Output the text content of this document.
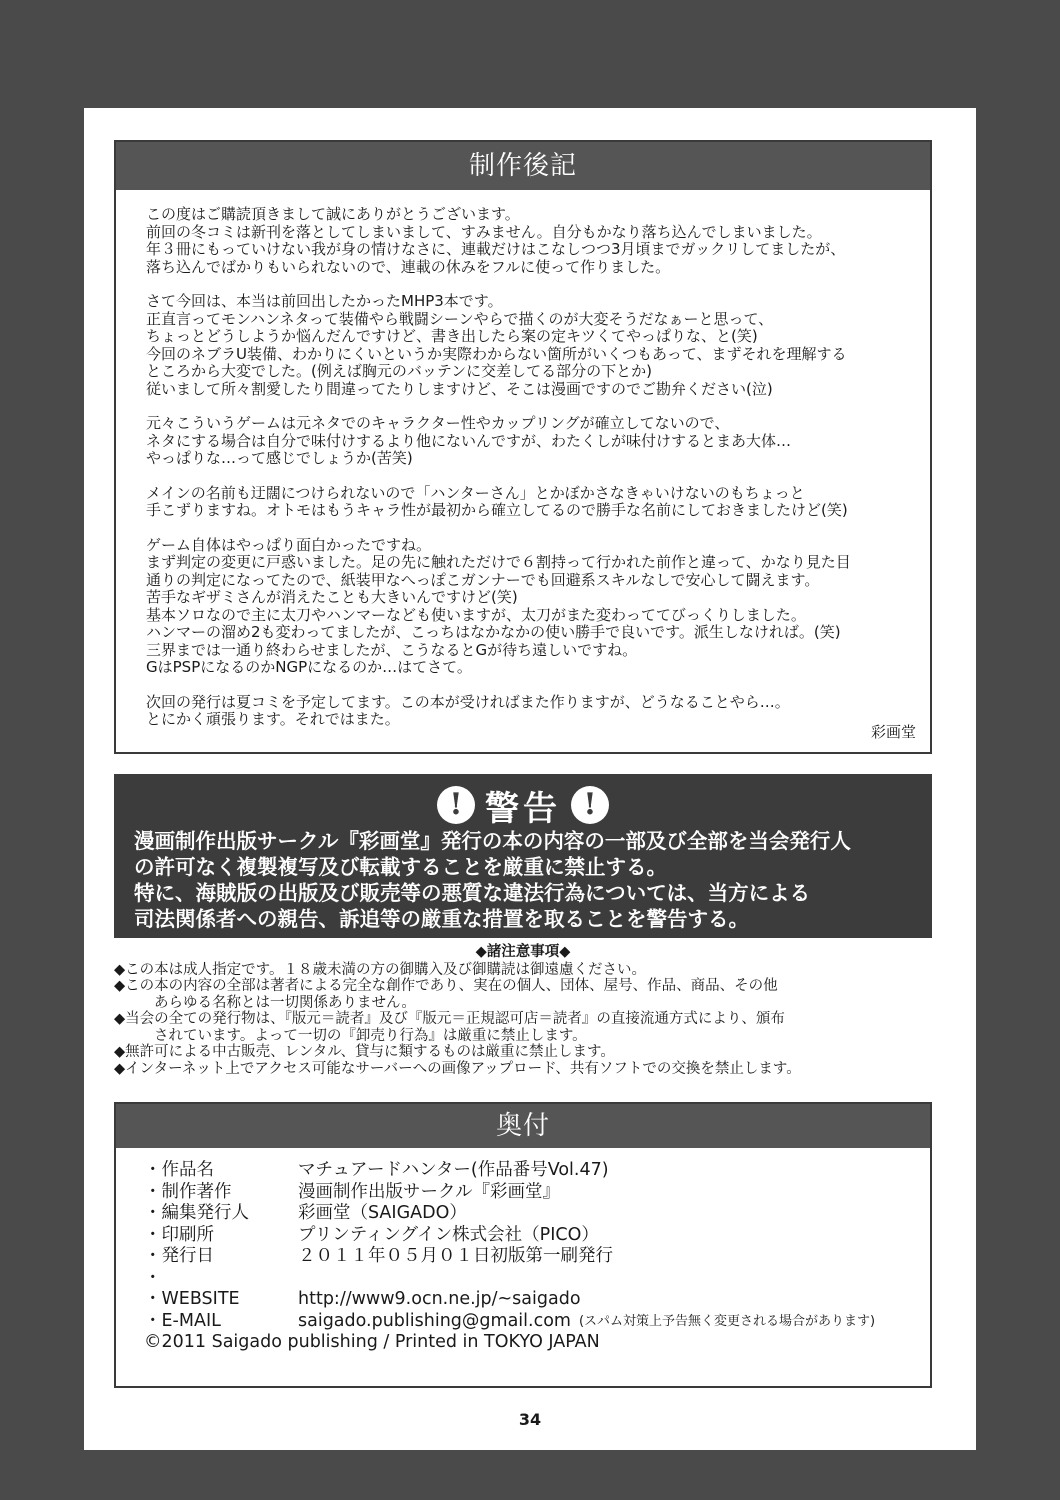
制作後記

この度はご購読頂きまして誠にありがとうございます。
前回の冬コミは新刊を落としてしまいまして、すみません。自分もかなり落ち込んでしまいました。
年３冊にもっていけない我が身の情けなさに、連載だけはこなしつつ3月頃までガックリしてましたが、
落ち込んでばかりもいられないので、連載の休みをフルに使って作りました。

さて今回は、本当は前回出したかったMHP3本です。
正直言ってモンハンネタって装備やら戦闘シーンやらで描くのが大変そうだなぁーと思って、
ちょっとどうしようか悩んだんですけど、書き出したら案の定キツくてやっぱりな、と(笑)
今回のネブラU装備、わかりにくいというか実際わからない箇所がいくつもあって、まずそれを理解する
ところから大変でした。(例えば胸元のバッテンに交差してる部分の下とか)
従いまして所々割愛したり間違ってたりしますけど、そこは漫画ですのでご勘弁ください(泣)

元々こういうゲームは元ネタでのキャラクター性やカップリングが確立してないので、
ネタにする場合は自分で味付けするより他にないんですが、わたくしが味付けするとまあ大体…
やっぱりな…って感じでしょうか(苦笑)

メインの名前も迂闊につけられないので「ハンターさん」とかぼかさなきゃいけないのもちょっと
手こずりますね。オトモはもうキャラ性が最初から確立してるので勝手な名前にしておきましたけど(笑)

ゲーム自体はやっぱり面白かったですね。
まず判定の変更に戸惑いました。足の先に触れただけで６割持って行かれた前作と違って、かなり見た目
通りの判定になってたので、紙装甲なへっぽこガンナーでも回避系スキルなしで安心して闘えます。
苦手なギザミさんが消えたことも大きいんですけど(笑)
基本ソロなので主に太刀やハンマーなども使いますが、太刀がまた変わっててびっくりしました。
ハンマーの溜め2も変わってましたが、こっちはなかなかの使い勝手で良いです。派生しなければ。(笑)
三界までは一通り終わらせましたが、こうなるとGが待ち遠しいですね。
GはPSPになるのかNGPになるのか…はてさて。

次回の発行は夏コミを予定してます。この本が受ければまた作りますが、どうなることやら…。
とにかく頑張ります。それではまた。

彩画堂
! 警告 !
漫画制作出版サークル『彩画堂』発行の本の内容の一部及び全部を当会発行人
の許可なく複製複写及び転載することを厳重に禁止する。
特に、海賊版の出版及び販売等の悪質な違法行為については、当方による
司法関係者への親告、訴追等の厳重な措置を取ることを警告する。
◆諸注意事項◆
◆この本は成人指定です。１８歳未満の方の御購入及び御購読は御遠慮ください。
◆この本の内容の全部は著者による完全な創作であり、実在の個人、団体、屋号、作品、商品、その他
あらゆる名称とは一切関係ありません。
◆当会の全ての発行物は、『版元＝読者』及び『版元＝正規認可店＝読者』の直接流通方式により、頒布
されています。よって一切の『卸売り行為』は厳重に禁止します。
◆無許可による中古販売、レンタル、貸与に類するものは厳重に禁止します。
◆インターネット上でアクセス可能なサーバーへの画像アップロード、共有ソフトでの交換を禁止します。
奥付
・作品名	マチュアードハンター(作品番号Vol.47)
・制作著作	漫画制作出版サークル『彩画堂』
・編集発行人	彩画堂（SAIGADO）
・印刷所	プリンティングイン株式会社（PICO）
・発行日	２０１１年０５月０１日初版第一刷発行
・
・WEBSITE	http://www9.ocn.ne.jp/~saigado
・E-MAIL	saigado.publishing@gmail.com (スパム対策上予告無く変更される場合があります)
©2011 Saigado publishing / Printed in TOKYO JAPAN
34
